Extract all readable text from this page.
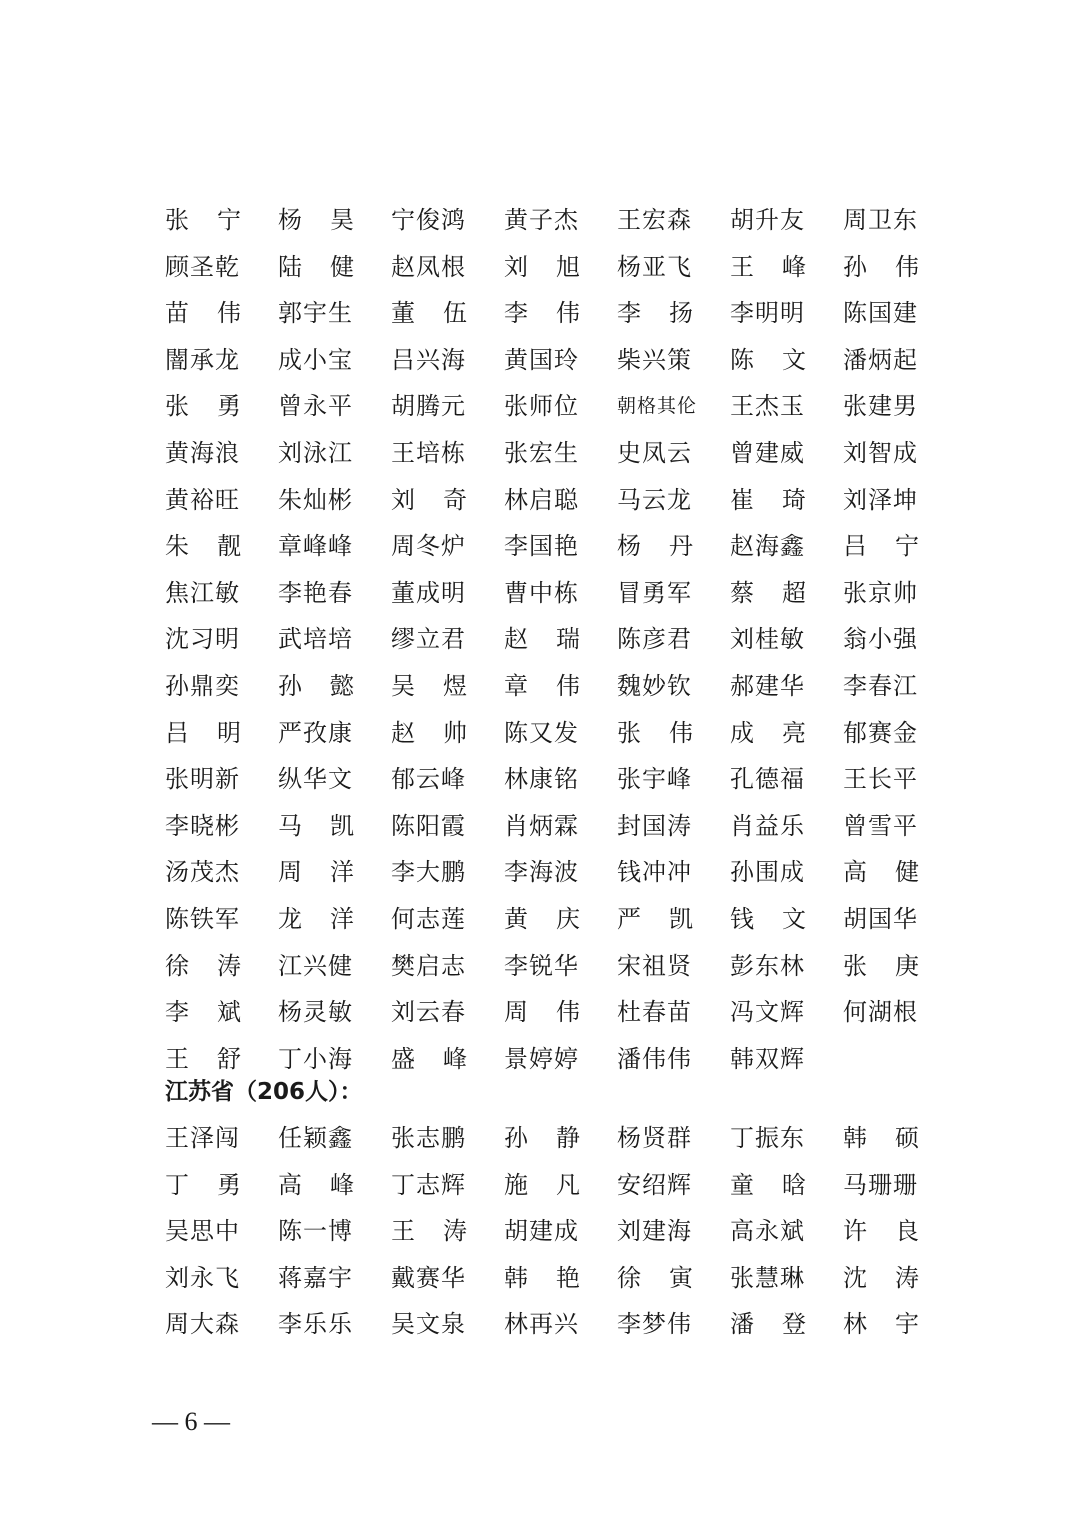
张 宁 杨 昊 宁俊鸿 黄子杰 王宏森 胡升友 周卫东
顾圣乾 陆 健 赵凤根 刘 旭 杨亚飞 王 峰 孙 伟
苗 伟 郭宇生 董 伍 李 伟 李 扬 李明明 陈国建
闇承龙 成小宝 吕兴海 黄国玲 柴兴策 陈 文 潘炳起
张 勇 曾永平 胡腾元 张师位 朝格其伦 王杰玉 张建男
黄海浪 刘泳江 王培栋 张宏生 史凤云 曾建威 刘智成
黄裕旺 朱灿彬 刘 奇 林启聪 马云龙 崔 琦 刘泽坤
朱 靓 章峰峰 周冬炉 李国艳 杨 丹 赵海鑫 吕 宁
焦江敏 李艳春 董成明 曹中栋 冒勇军 蔡 超 张京帅
沈习明 武培培 缪立君 赵 瑞 陈彦君 刘桂敏 翁小强
孙鼎奕 孙 懿 吴 煜 章 伟 魏妙钦 郝建华 李春江
吕 明 严孜康 赵 帅 陈又发 张 伟 成 亮 郁赛金
张明新 纵华文 郁云峰 林康铭 张宇峰 孔德福 王长平
李晓彬 马 凯 陈阳霞 肖炳霖 封国涛 肖益乐 曾雪平
汤茂杰 周 洋 李大鹏 李海波 钱冲冲 孙围成 高 健
陈铁军 龙 洋 何志莲 黄 庆 严 凯 钱 文 胡国华
徐 涛 江兴健 樊启志 李锐华 宋祖贤 彭东林 张 庚
李 斌 杨灵敏 刘云春 周 伟 杜春苗 冯文辉 何湖根
王 舒 丁小海 盛 峰 景婷婷 潘伟伟 韩双辉
江苏省（206人）：
王泽闯 任颖鑫 张志鹏 孙 静 杨贤群 丁振东 韩 硕
丁 勇 高 峰 丁志辉 施 凡 安绍辉 童 晗 马珊珊
吴思中 陈一博 王 涛 胡建成 刘建海 高永斌 许 良
刘永飞 蒋嘉宇 戴赛华 韩 艳 徐 寅 张慧琳 沈 涛
周大森 李乐乐 吴文泉 林再兴 李梦伟 潘 登 林 宇
— 6 —
